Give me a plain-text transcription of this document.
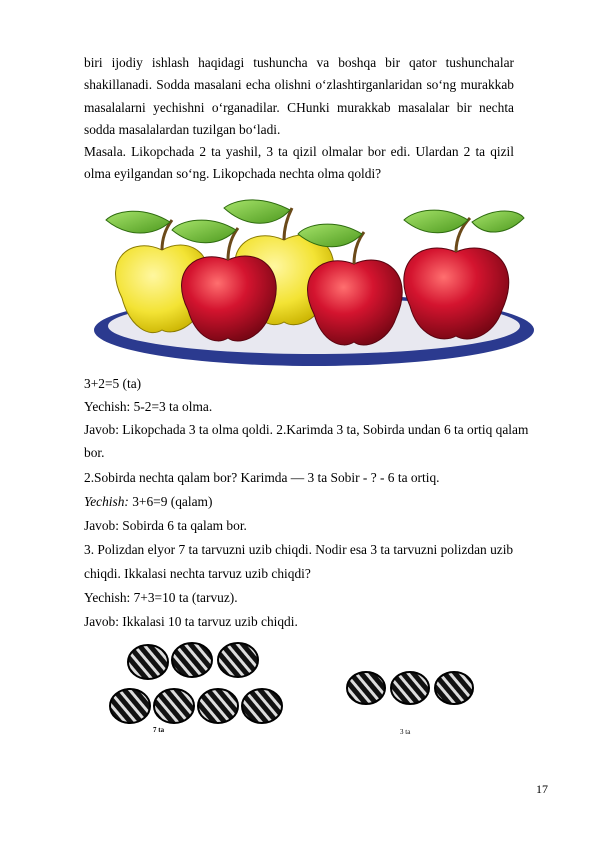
biri ijodiy ishlash haqidagi tushuncha va boshqa bir qator tushunchalar shakillanadi. Sodda masalani echa olishni oʻzlashtirganlaridan soʻng murakkab masalalarni yechishni oʻrganadilar. CHunki murakkab masalalar bir nechta sodda masalalardan tuzilgan boʻladi.

Masala. Likopchada 2 ta yashil, 3 ta qizil olmalar bor edi. Ulardan 2 ta qizil olma eyilgandan soʻng. Likopchada nechta olma qoldi?

3+2=5 (ta)
Yechish: 5-2=3 ta olma.
Javob: Likopchada 3 ta olma qoldi. 2.Karimda 3 ta, Sobirda undan 6 ta ortiq qalam
bor.
2.Sobirda nechta qalam bor? Karimda — 3 ta Sobir - ? - 6 ta ortiq.
Yechish: 3+6=9 (qalam)
Javob: Sobirda 6 ta qalam bor.
3. Polizdan elyor 7 ta tarvuzni uzib chiqdi. Nodir esa 3 ta tarvuzni polizdan uzib
chiqdi. Ikkalasi nechta tarvuz uzib chiqdi?
Yechish: 7+3=10 ta (tarvuz).
Javob: Ikkalasi 10 ta tarvuz uzib chiqdi.
7 ta	3 ta
17
